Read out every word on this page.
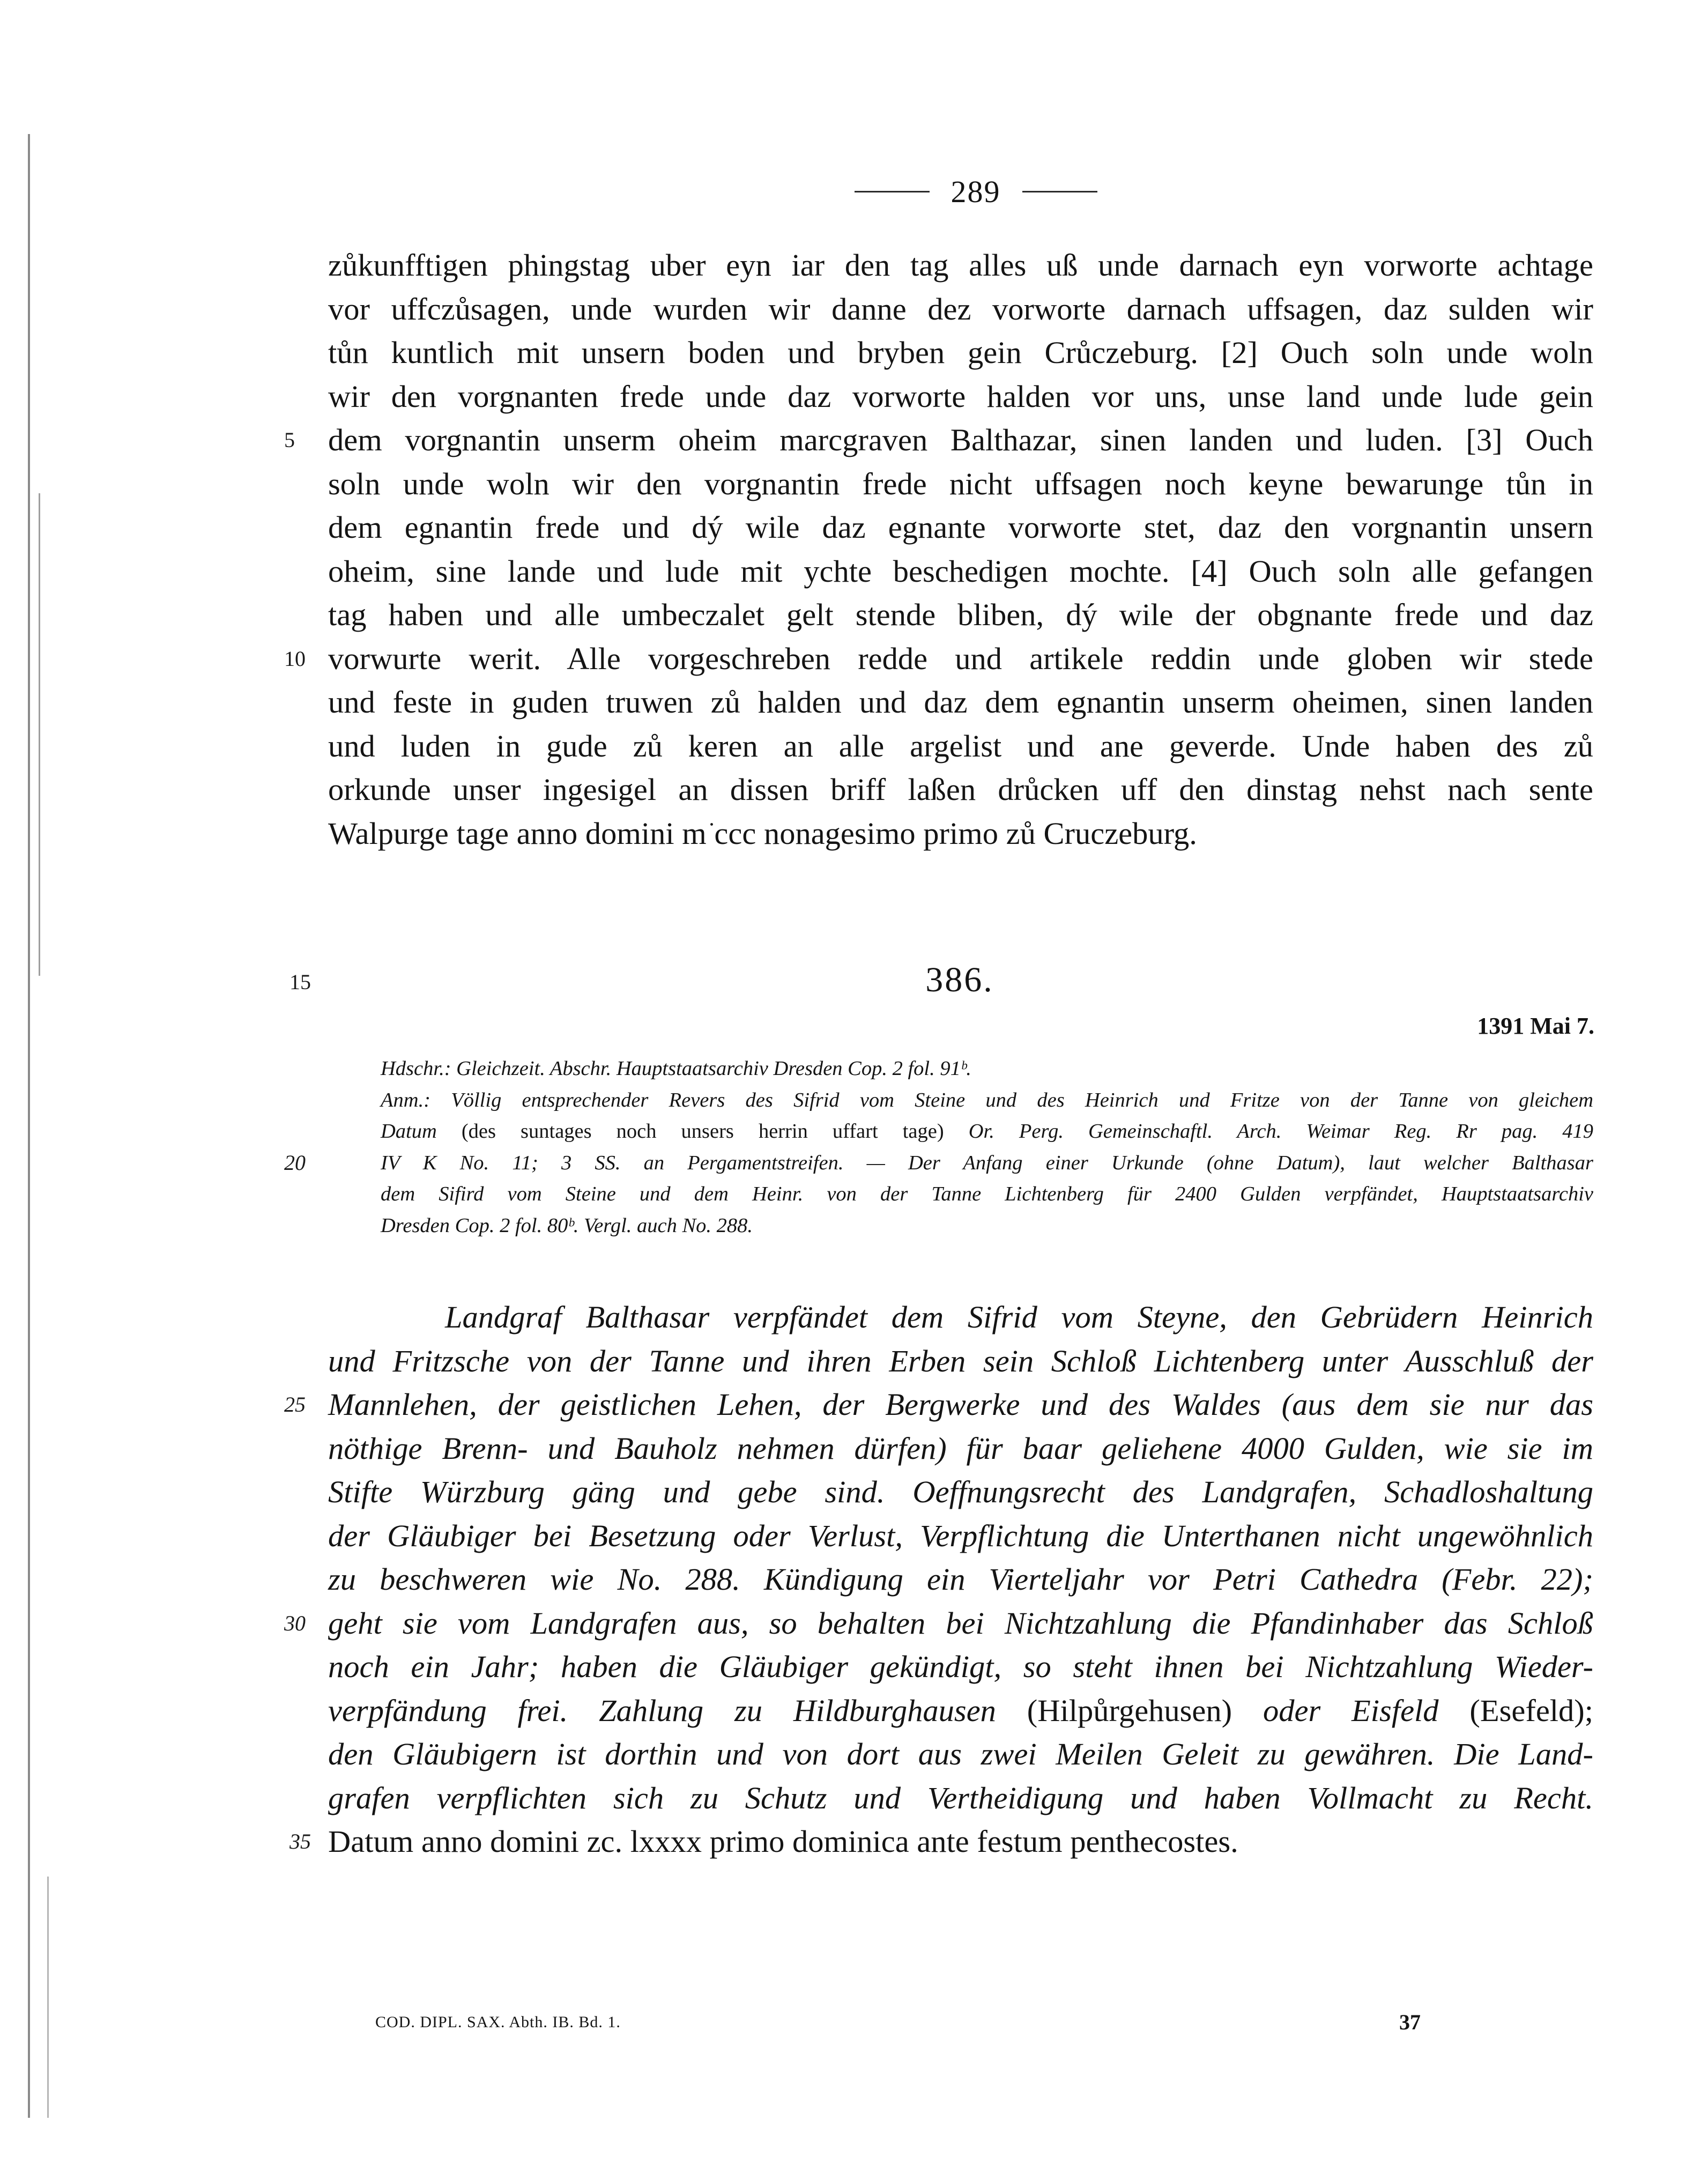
289
zůkunfftigen phingstag uber eyn iar den tag alles uß unde darnach eyn vorworte achtage
vor uffczůsagen, unde wurden wir danne dez vorworte darnach uffsagen, daz sulden wir
tůn kuntlich mit unsern boden und bryben gein Crůczeburg. [2] Ouch soln unde woln
wir den vorgnanten frede unde daz vorworte halden vor uns, unse land unde lude gein
dem vorgnantin unserm oheim marcgraven Balthazar, sinen landen und luden. [3] Ouch
5
soln unde woln wir den vorgnantin frede nicht uffsagen noch keyne bewarunge tůn in
dem egnantin frede und dý wile daz egnante vorworte stet, daz den vorgnantin unsern
oheim, sine lande und lude mit ychte beschedigen mochte. [4] Ouch soln alle gefangen
tag haben und alle umbeczalet gelt stende bliben, dý wile der obgnante frede und daz
vorwurte werit. Alle vorgeschreben redde und artikele reddin unde globen wir stede
10
und feste in guden truwen zů halden und daz dem egnantin unserm oheimen, sinen landen
und luden in gude zů keren an alle argelist und ane geverde. Unde haben des zů
orkunde unser ingesigel an dissen briff laßen drůcken uff den dinstag nehst nach sente
Walpurge tage anno domini m͘ ccc nonagesimo primo zů Cruczeburg.
15	386.
1391 Mai 7.
Hdschr.: Gleichzeit. Abschr. Hauptstaatsarchiv Dresden Cop. 2 fol. 91ᵇ.
Anm.: Völlig entsprechender Revers des Sifrid vom Steine und des Heinrich und Fritze von der Tanne von gleichem
Datum (des suntages noch unsers herrin uffart tage) Or. Perg. Gemeinschaftl. Arch. Weimar Reg. Rr pag. 419
IV K No. 11; 3 SS. an Pergamentstreifen. — Der Anfang einer Urkunde (ohne Datum), laut welcher Balthasar
20
dem Sifird vom Steine und dem Heinr. von der Tanne Lichtenberg für 2400 Gulden verpfändet, Hauptstaatsarchiv
Dresden Cop. 2 fol. 80ᵇ. Vergl. auch No. 288.
Landgraf Balthasar verpfändet dem Sifrid vom Steyne, den Gebrüdern Heinrich
und Fritzsche von der Tanne und ihren Erben sein Schloß Lichtenberg unter Ausschluß der
Mannlehen, der geistlichen Lehen, der Bergwerke und des Waldes (aus dem sie nur das
25
nöthige Brenn- und Bauholz nehmen dürfen) für baar geliehene 4000 Gulden, wie sie im
Stifte Würzburg gäng und gebe sind. Oeffnungsrecht des Landgrafen, Schadloshaltung
der Gläubiger bei Besetzung oder Verlust, Verpflichtung die Unterthanen nicht ungewöhnlich
zu beschweren wie No. 288. Kündigung ein Vierteljahr vor Petri Cathedra (Febr. 22);
geht sie vom Landgrafen aus, so behalten bei Nichtzahlung die Pfandinhaber das Schloß
30
noch ein Jahr; haben die Gläubiger gekündigt, so steht ihnen bei Nichtzahlung Wieder-
verpfändung frei. Zahlung zu Hildburghausen (Hilpůrgehusen) oder Eisfeld (Esefeld);
den Gläubigern ist dorthin und von dort aus zwei Meilen Geleit zu gewähren. Die Land-
grafen verpflichten sich zu Schutz und Vertheidigung und haben Vollmacht zu Recht.
Datum anno domini zc. lxxxx primo dominica ante festum penthecostes.
35
COD. DIPL. SAX. Abth. IB. Bd. 1.	37
